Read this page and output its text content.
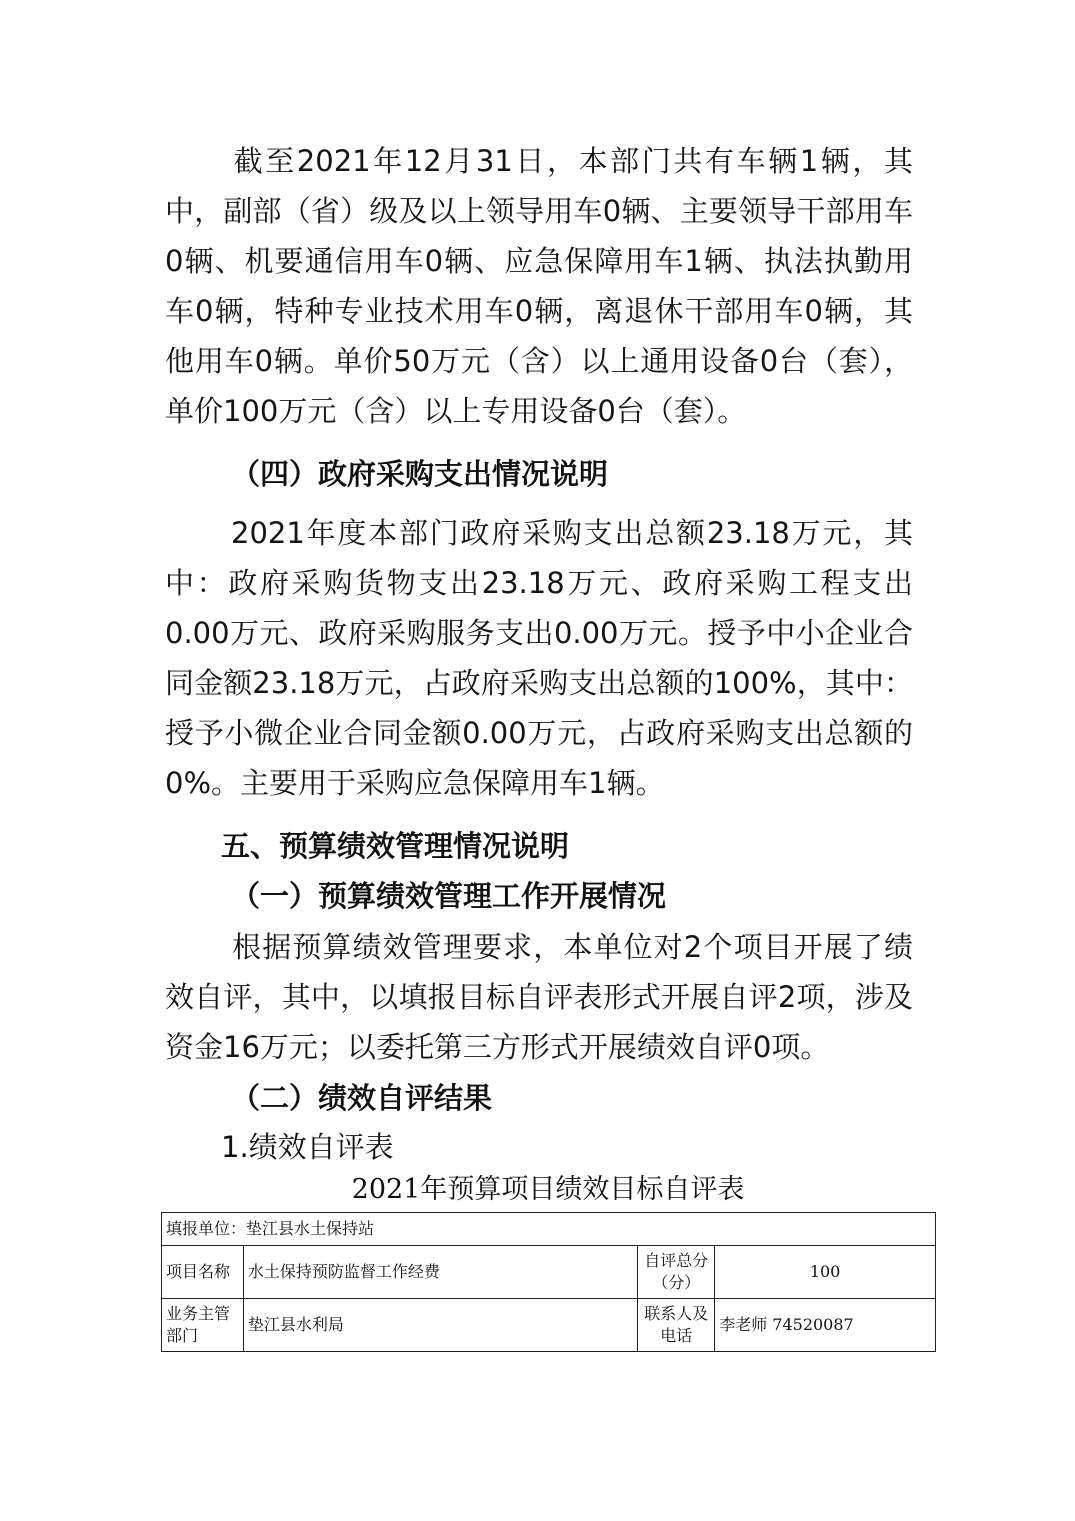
截至2021年12月31日，本部门共有车辆1辆，其中，副部（省）级及以上领导用车0辆、主要领导干部用车0辆、机要通信用车0辆、应急保障用车1辆、执法执勤用车0辆，特种专业技术用车0辆，离退休干部用车0辆，其他用车0辆。单价50万元（含）以上通用设备0台（套），单价100万元（含）以上专用设备0台（套）。

（四）政府采购支出情况说明

2021年度本部门政府采购支出总额23.18万元，其中：政府采购货物支出23.18万元、政府采购工程支出0.00万元、政府采购服务支出0.00万元。授予中小企业合同金额23.18万元，占政府采购支出总额的100%，其中：授予小微企业合同金额0.00万元，占政府采购支出总额的0%。主要用于采购应急保障用车1辆。

五、预算绩效管理情况说明

（一）预算绩效管理工作开展情况

根据预算绩效管理要求，本单位对2个项目开展了绩效自评，其中，以填报目标自评表形式开展自评2项，涉及资金16万元；以委托第三方形式开展绩效自评0项。

（二）绩效自评结果

1.绩效自评表

2021年预算项目绩效目标自评表

填报单位：垫江县水土保持站			
项目名称	水土保持预防监督工作经费	自评总分（分）	100
业务主管部门	垫江县水利局	联系人及电话	李老师 74520087
